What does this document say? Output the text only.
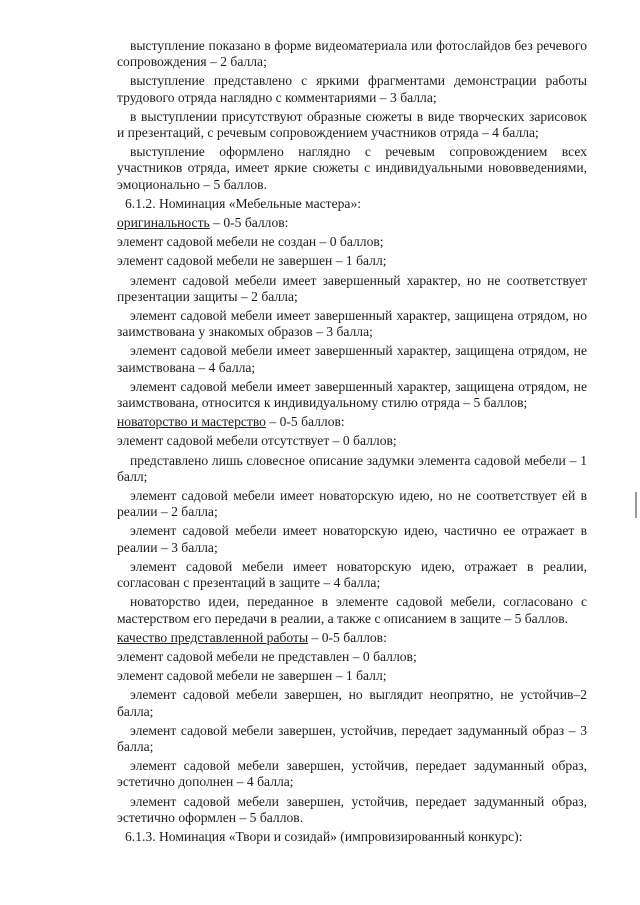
выступление показано в форме видеоматериала или фотослайдов без речевого сопровождения – 2 балла;

выступление представлено с яркими фрагментами демонстрации работы трудового отряда наглядно с комментариями – 3 балла;

в выступлении присутствуют образные сюжеты в виде творческих зарисовок и презентаций, с речевым сопровождением участников отряда – 4 балла;

выступление оформлено наглядно с речевым сопровождением всех участников отряда, имеет яркие сюжеты с индивидуальными нововведениями, эмоционально – 5 баллов.

6.1.2. Номинация «Мебельные мастера»:

оригинальность – 0-5 баллов:

элемент садовой мебели не создан – 0 баллов;

элемент садовой мебели не завершен – 1 балл;

элемент садовой мебели имеет завершенный характер, но не соответствует презентации защиты – 2 балла;

элемент садовой мебели имеет завершенный характер, защищена отрядом, но заимствована у знакомых образов – 3 балла;

элемент садовой мебели имеет завершенный характер, защищена отрядом, не заимствована – 4 балла;

элемент садовой мебели имеет завершенный характер, защищена отрядом, не заимствована, относится к индивидуальному стилю отряда – 5 баллов;

новаторство и мастерство – 0-5 баллов:

элемент садовой мебели отсутствует – 0 баллов;

представлено лишь словесное описание задумки элемента садовой мебели – 1 балл;

элемент садовой мебели имеет новаторскую идею, но не соответствует ей в реалии – 2 балла;

элемент садовой мебели имеет новаторскую идею, частично ее отражает в реалии – 3 балла;

элемент садовой мебели имеет новаторскую идею, отражает в реалии, согласован с презентаций в защите – 4 балла;

новаторство идеи, переданное в элементе садовой мебели, согласовано с мастерством его передачи в реалии, а также с описанием в защите – 5 баллов.

качество представленной работы – 0-5 баллов:

элемент садовой мебели не представлен – 0 баллов;

элемент садовой мебели не завершен – 1 балл;

элемент садовой мебели завершен, но выглядит неопрятно, не устойчив–2 балла;

элемент садовой мебели завершен, устойчив, передает задуманный образ – 3 балла;

элемент садовой мебели завершен, устойчив, передает задуманный образ, эстетично дополнен – 4 балла;

элемент садовой мебели завершен, устойчив, передает задуманный образ, эстетично оформлен – 5 баллов.

6.1.3. Номинация «Твори и созидай» (импровизированный конкурс):
